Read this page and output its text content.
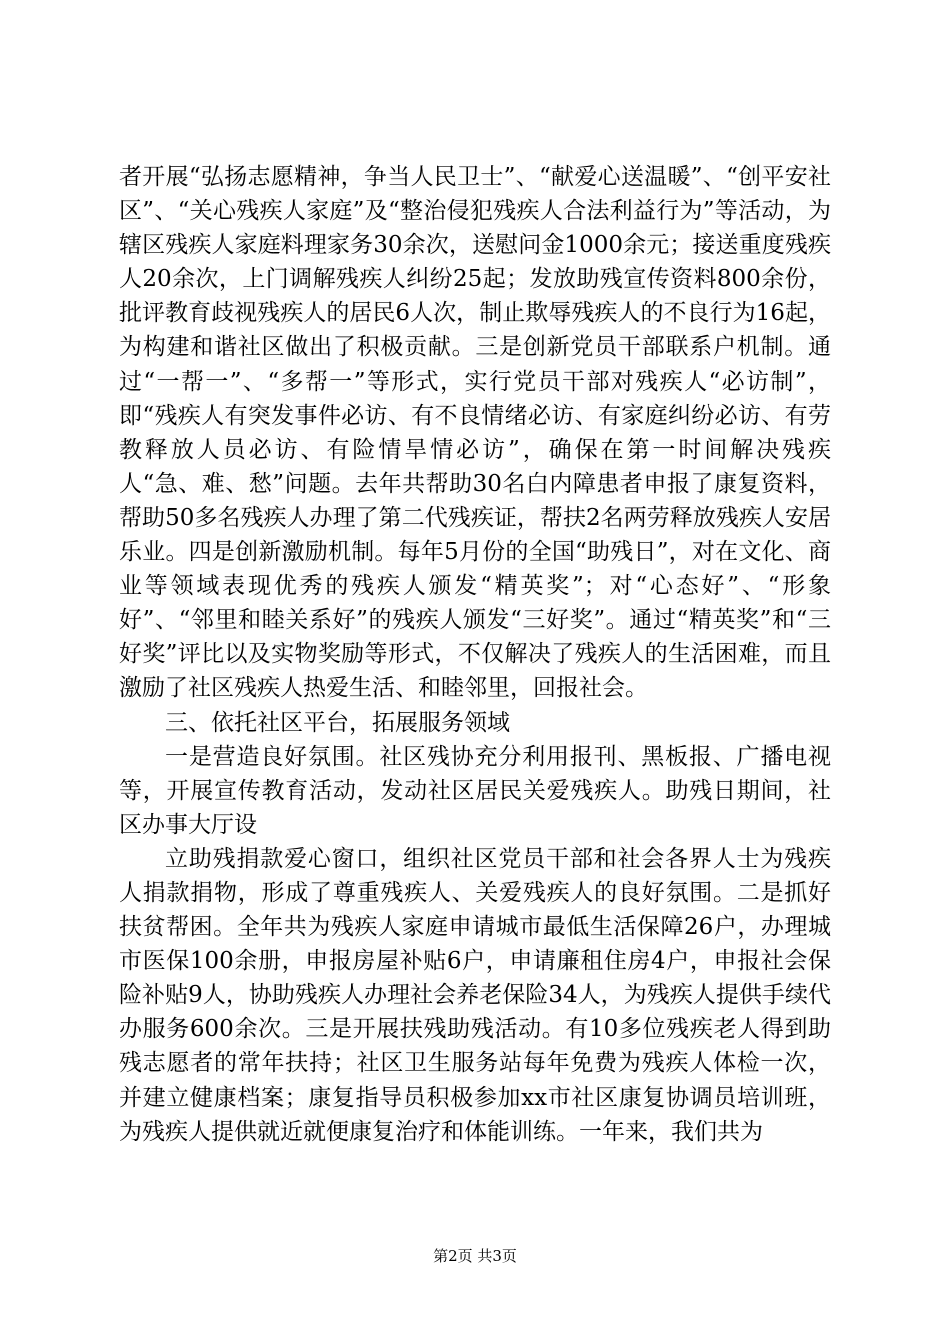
者开展“弘扬志愿精神，争当人民卫士”、“献爱心送温暖”、“创平安社区”、“关心残疾人家庭”及“整治侵犯残疾人合法利益行为”等活动，为辖区残疾人家庭料理家务30余次，送慰问金1000余元；接送重度残疾人20余次，上门调解残疾人纠纷25起；发放助残宣传资料800余份，批评教育歧视残疾人的居民6人次，制止欺辱残疾人的不良行为16起，为构建和谐社区做出了积极贡献。三是创新党员干部联系户机制。通过“一帮一”、“多帮一”等形式，实行党员干部对残疾人“必访制”，即“残疾人有突发事件必访、有不良情绪必访、有家庭纠纷必访、有劳教释放人员必访、有险情旱情必访”，确保在第一时间解决残疾人“急、难、愁”问题。去年共帮助30名白内障患者申报了康复资料，帮助50多名残疾人办理了第二代残疾证，帮扶2名两劳释放残疾人安居乐业。四是创新激励机制。每年5月份的全国“助残日”，对在文化、商业等领域表现优秀的残疾人颁发“精英奖”；对“心态好”、“形象好”、“邻里和睦关系好”的残疾人颁发“三好奖”。通过“精英奖”和“三好奖”评比以及实物奖励等形式，不仅解决了残疾人的生活困难，而且激励了社区残疾人热爱生活、和睦邻里，回报社会。

三、依托社区平台，拓展服务领域

一是营造良好氛围。社区残协充分利用报刊、黑板报、广播电视等，开展宣传教育活动，发动社区居民关爱残疾人。助残日期间，社区办事大厅设

立助残捐款爱心窗口，组织社区党员干部和社会各界人士为残疾人捐款捐物，形成了尊重残疾人、关爱残疾人的良好氛围。二是抓好扶贫帮困。全年共为残疾人家庭申请城市最低生活保障26户，办理城市医保100余册，申报房屋补贴6户，申请廉租住房4户，申报社会保险补贴9人，协助残疾人办理社会养老保险34人，为残疾人提供手续代办服务600余次。三是开展扶残助残活动。有10多位残疾老人得到助残志愿者的常年扶持；社区卫生服务站每年免费为残疾人体检一次，并建立健康档案；康复指导员积极参加xx市社区康复协调员培训班，为残疾人提供就近就便康复治疗和体能训练。一年来，我们共为

第2页 共3页
